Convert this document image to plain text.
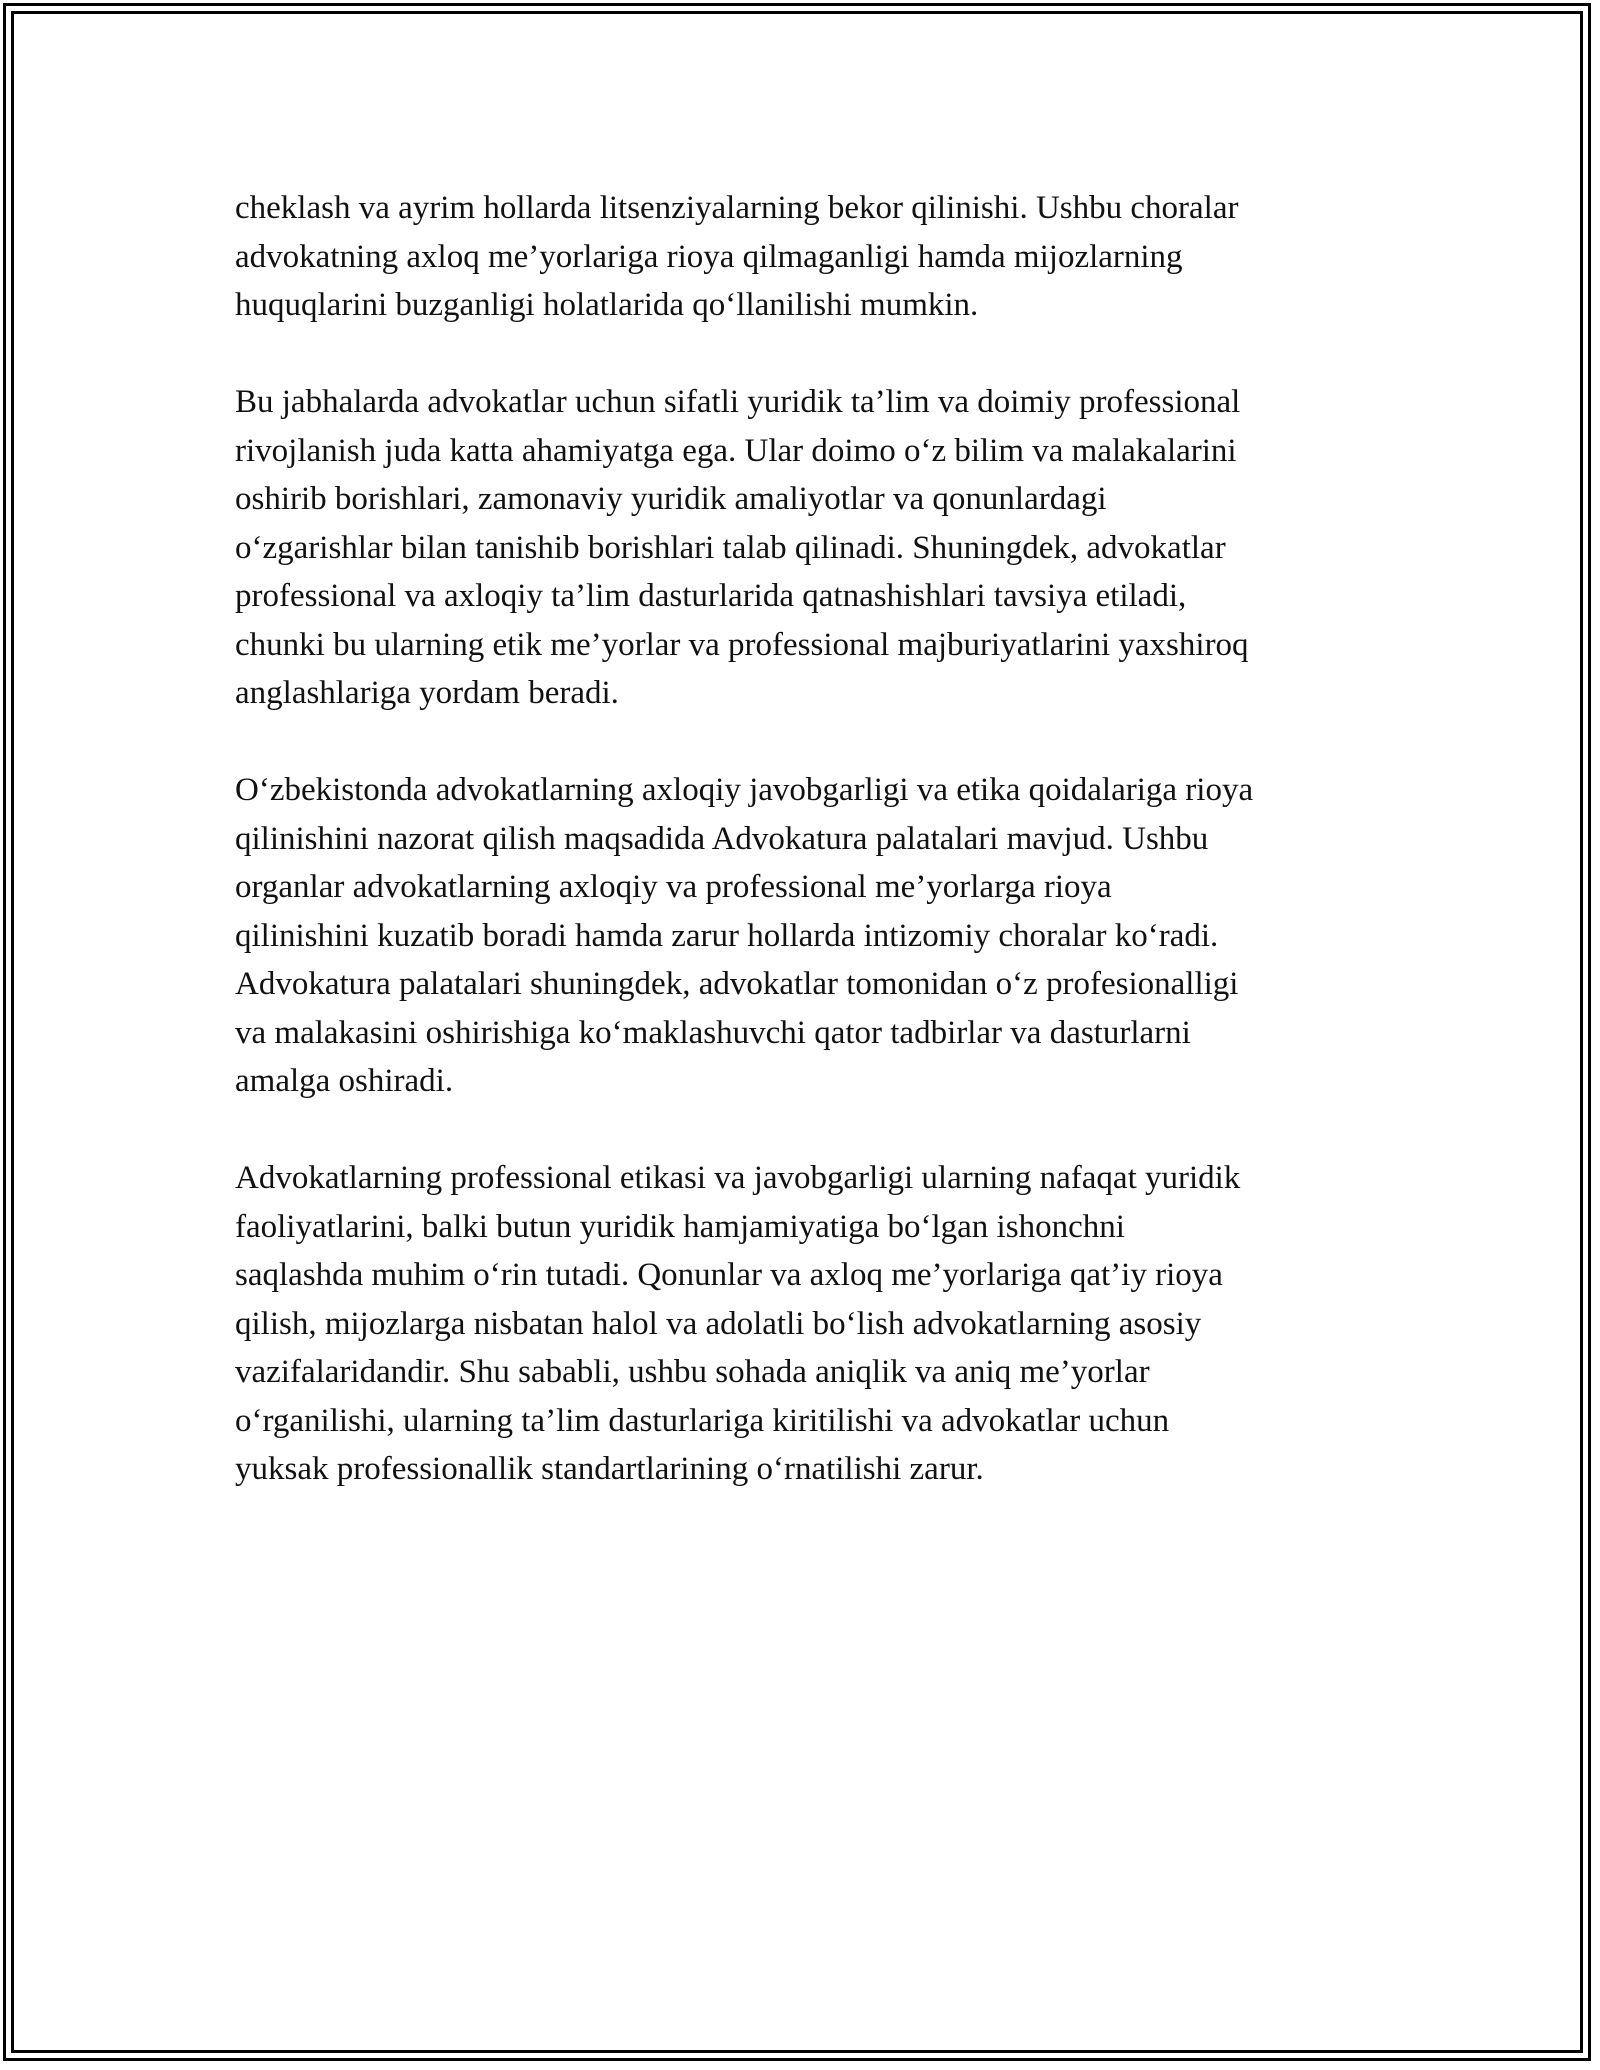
cheklash va ayrim hollarda litsenziyalarning bekor qilinishi. Ushbu choralar
advokatning axloq me’yorlariga rioya qilmaganligi hamda mijozlarning
huquqlarini buzganligi holatlarida qo‘llanilishi mumkin.

Bu jabhalarda advokatlar uchun sifatli yuridik ta’lim va doimiy professional
rivojlanish juda katta ahamiyatga ega. Ular doimo o‘z bilim va malakalarini
oshirib borishlari, zamonaviy yuridik amaliyotlar va qonunlardagi
o‘zgarishlar bilan tanishib borishlari talab qilinadi. Shuningdek, advokatlar
professional va axloqiy ta’lim dasturlarida qatnashishlari tavsiya etiladi,
chunki bu ularning etik me’yorlar va professional majburiyatlarini yaxshiroq
anglashlariga yordam beradi.

O‘zbekistonda advokatlarning axloqiy javobgarligi va etika qoidalariga rioya
qilinishini nazorat qilish maqsadida Advokatura palatalari mavjud. Ushbu
organlar advokatlarning axloqiy va professional me’yorlarga rioya
qilinishini kuzatib boradi hamda zarur hollarda intizomiy choralar ko‘radi.
Advokatura palatalari shuningdek, advokatlar tomonidan o‘z profesionalligi
va malakasini oshirishiga ko‘maklashuvchi qator tadbirlar va dasturlarni
amalga oshiradi.

Advokatlarning professional etikasi va javobgarligi ularning nafaqat yuridik
faoliyatlarini, balki butun yuridik hamjamiyatiga bo‘lgan ishonchni
saqlashda muhim o‘rin tutadi. Qonunlar va axloq me’yorlariga qat’iy rioya
qilish, mijozlarga nisbatan halol va adolatli bo‘lish advokatlarning asosiy
vazifalaridandir. Shu sababli, ushbu sohada aniqlik va aniq me’yorlar
o‘rganilishi, ularning ta’lim dasturlariga kiritilishi va advokatlar uchun
yuksak professionallik standartlarining o‘rnatilishi zarur.
